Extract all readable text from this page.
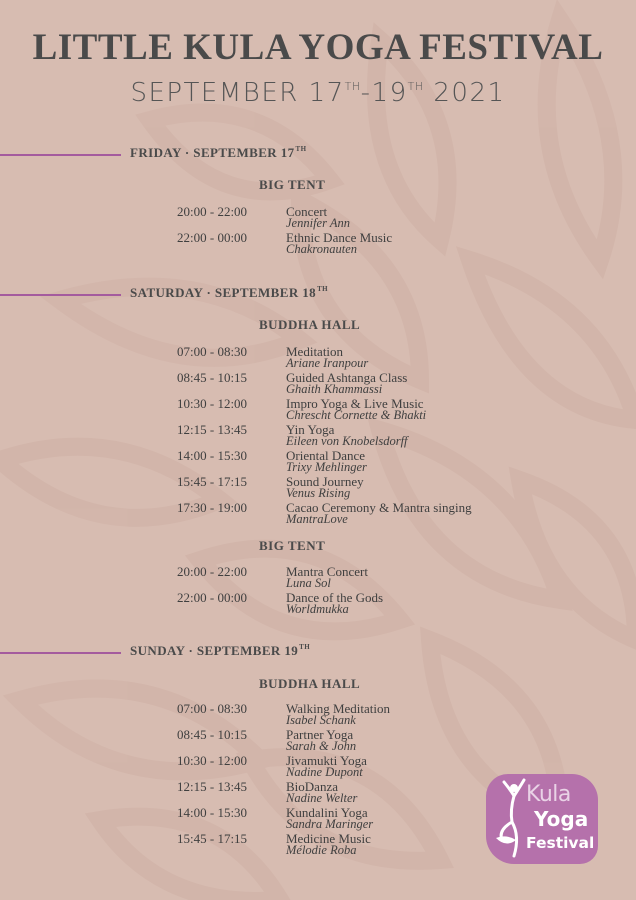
LITTLE KULA YOGA FESTIVAL
SEPTEMBER 17TH-19TH 2021
FRIDAY · SEPTEMBER 17TH
BIG TENT
20:00 - 22:00	Concert
Jennifer Ann
22:00 - 00:00	Ethnic Dance Music
Chakronauten
SATURDAY · SEPTEMBER 18TH
BUDDHA HALL
07:00 - 08:30	Meditation
Ariane Iranpour
08:45 - 10:15	Guided Ashtanga Class
Ghaith Khammassi
10:30 - 12:00	Impro Yoga & Live Music
Chrescht Cornette & Bhakti
12:15 - 13:45	Yin Yoga
Eileen von Knobelsdorff
14:00 - 15:30	Oriental Dance
Trixy Mehlinger
15:45 - 17:15	Sound Journey
Venus Rising
17:30 - 19:00	Cacao Ceremony & Mantra singing
MantraLove
BIG TENT
20:00 - 22:00	Mantra Concert
Luna Sol
22:00 - 00:00	Dance of the Gods
Worldmukka
SUNDAY · SEPTEMBER 19TH
BUDDHA HALL
07:00 - 08:30	Walking Meditation
Isabel Schank
08:45 - 10:15	Partner Yoga
Sarah & John
10:30 - 12:00	Jivamukti Yoga
Nadine Dupont
12:15 - 13:45	BioDanza
Nadine Welter
14:00 - 15:30	Kundalini Yoga
Sandra Maringer
15:45 - 17:15	Medicine Music
Mélodie Roba
Kula
Yoga
Festival
